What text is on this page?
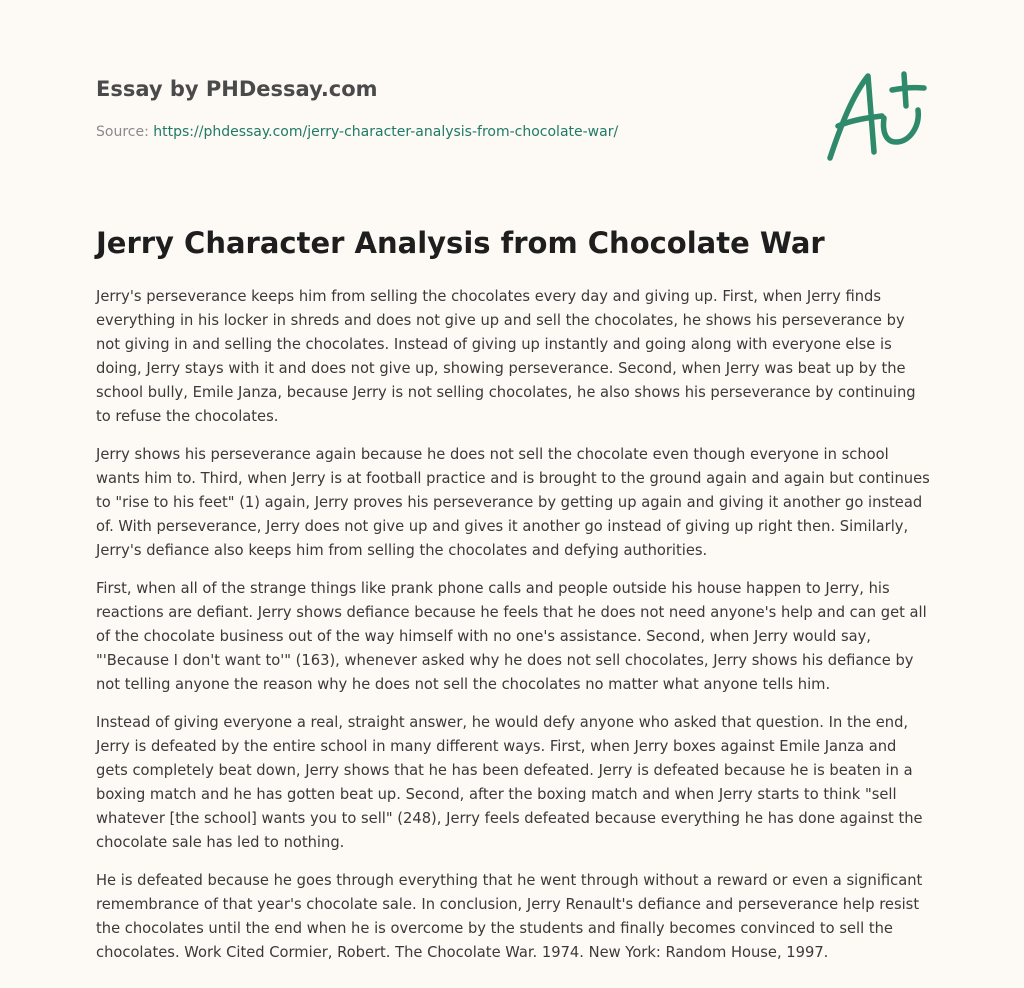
Essay by PHDessay.com
Source: https://phdessay.com/jerry-character-analysis-from-chocolate-war/
Jerry Character Analysis from Chocolate War

Jerry's perseverance keeps him from selling the chocolates every day and giving up. First, when Jerry finds everything in his locker in shreds and does not give up and sell the chocolates, he shows his perseverance by not giving in and selling the chocolates. Instead of giving up instantly and going along with everyone else is doing, Jerry stays with it and does not give up, showing perseverance. Second, when Jerry was beat up by the school bully, Emile Janza, because Jerry is not selling chocolates, he also shows his perseverance by continuing to refuse the chocolates.

Jerry shows his perseverance again because he does not sell the chocolate even though everyone in school wants him to. Third, when Jerry is at football practice and is brought to the ground again and again but continues to "rise to his feet" (1) again, Jerry proves his perseverance by getting up again and giving it another go instead of. With perseverance, Jerry does not give up and gives it another go instead of giving up right then. Similarly, Jerry's defiance also keeps him from selling the chocolates and defying authorities.

First, when all of the strange things like prank phone calls and people outside his house happen to Jerry, his reactions are defiant. Jerry shows defiance because he feels that he does not need anyone's help and can get all of the chocolate business out of the way himself with no one's assistance. Second, when Jerry would say, "'Because I don't want to'" (163), whenever asked why he does not sell chocolates, Jerry shows his defiance by not telling anyone the reason why he does not sell the chocolates no matter what anyone tells him.

Instead of giving everyone a real, straight answer, he would defy anyone who asked that question. In the end, Jerry is defeated by the entire school in many different ways. First, when Jerry boxes against Emile Janza and gets completely beat down, Jerry shows that he has been defeated. Jerry is defeated because he is beaten in a boxing match and he has gotten beat up. Second, after the boxing match and when Jerry starts to think "sell whatever [the school] wants you to sell" (248), Jerry feels defeated because everything he has done against the chocolate sale has led to nothing.

He is defeated because he goes through everything that he went through without a reward or even a significant remembrance of that year's chocolate sale. In conclusion, Jerry Renault's defiance and perseverance help resist the chocolates until the end when he is overcome by the students and finally becomes convinced to sell the chocolates. Work Cited Cormier, Robert. The Chocolate War. 1974. New York: Random House, 1997.
